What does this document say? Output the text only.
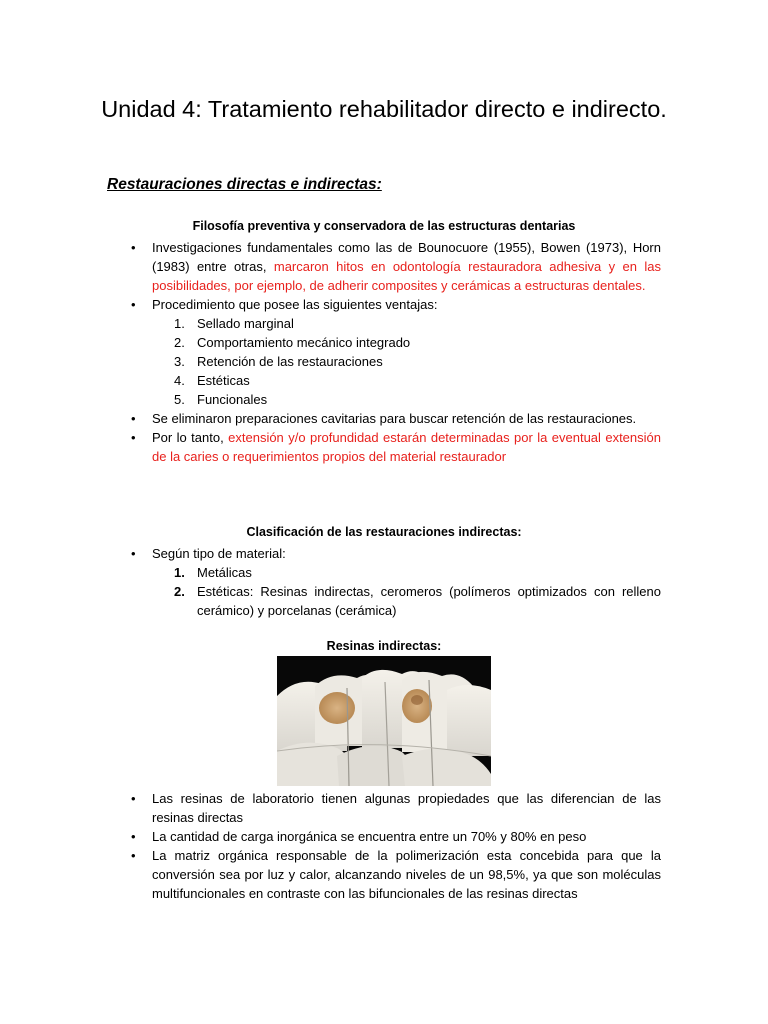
Unidad 4: Tratamiento rehabilitador directo e indirecto.
Restauraciones directas e indirectas:
Filosofía preventiva y conservadora de las estructuras dentarias
• Investigaciones fundamentales como las de Bounocuore (1955), Bowen (1973), Horn (1983) entre otras, marcaron hitos en odontología restauradora adhesiva y en las posibilidades, por ejemplo, de adherir composites y cerámicas a estructuras dentales.
• Procedimiento que posee las siguientes ventajas:
1. Sellado marginal
2. Comportamiento mecánico integrado
3. Retención de las restauraciones
4. Estéticas
5. Funcionales
• Se eliminaron preparaciones cavitarias para buscar retención de las restauraciones.
• Por lo tanto, extensión y/o profundidad estarán determinadas por la eventual extensión de la caries o requerimientos propios del material restaurador
Clasificación de las restauraciones indirectas:
• Según tipo de material:
1. Metálicas
2. Estéticas: Resinas indirectas, ceromeros (polímeros optimizados con relleno cerámico) y porcelanas (cerámica)
Resinas indirectas:
• Las resinas de laboratorio tienen algunas propiedades que las diferencian de las resinas directas
• La cantidad de carga inorgánica se encuentra entre un 70% y 80% en peso
• La matriz orgánica responsable de la polimerización esta concebida para que la conversión sea por luz y calor, alcanzando niveles de un 98,5%, ya que son moléculas multifuncionales en contraste con las bifuncionales de las resinas directas
